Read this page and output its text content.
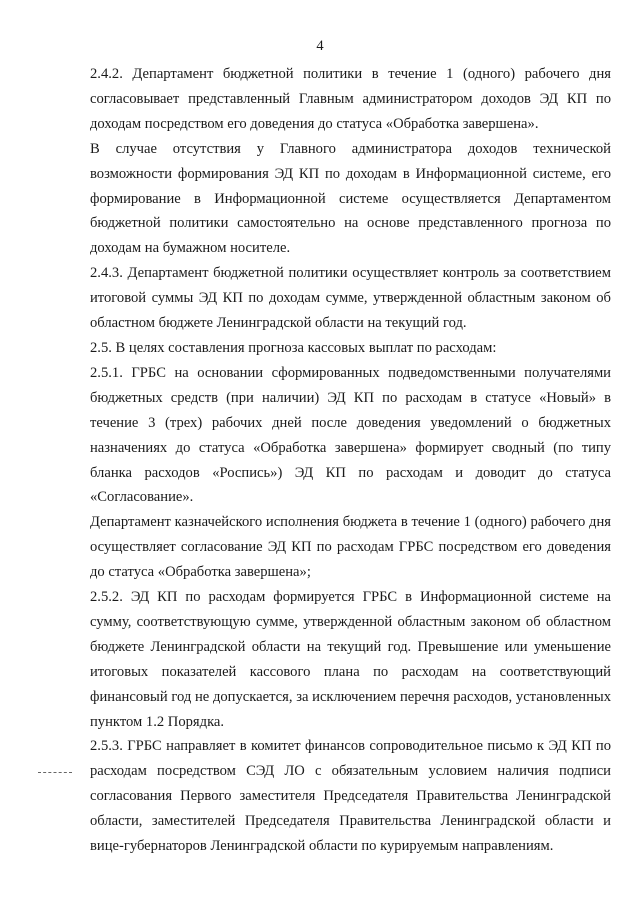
4

2.4.2. Департамент бюджетной политики в течение 1 (одного) рабочего дня согласовывает представленный Главным администратором доходов ЭД КП по доходам посредством его доведения до статуса «Обработка завершена».

В случае отсутствия у Главного администратора доходов технической возможности формирования ЭД КП по доходам в Информационной системе, его формирование в Информационной системе осуществляется Департаментом бюджетной политики самостоятельно на основе представленного прогноза по доходам на бумажном носителе.

2.4.3. Департамент бюджетной политики осуществляет контроль за соответствием итоговой суммы ЭД КП по доходам сумме, утвержденной областным законом об областном бюджете Ленинградской области на текущий год.

2.5. В целях составления прогноза кассовых выплат по расходам:

2.5.1. ГРБС на основании сформированных подведомственными получателями бюджетных средств (при наличии) ЭД КП по расходам в статусе «Новый» в течение 3 (трех) рабочих дней после доведения уведомлений о бюджетных назначениях до статуса «Обработка завершена» формирует сводный (по типу бланка расходов «Роспись») ЭД КП по расходам и доводит до статуса «Согласование».

Департамент казначейского исполнения бюджета в течение 1 (одного) рабочего дня осуществляет согласование ЭД КП по расходам ГРБС посредством его доведения до статуса «Обработка завершена»;

2.5.2. ЭД КП по расходам формируется ГРБС в Информационной системе на сумму, соответствующую сумме, утвержденной областным законом об областном бюджете Ленинградской области на текущий год. Превышение или уменьшение итоговых показателей кассового плана по расходам на соответствующий финансовый год не допускается, за исключением перечня расходов, установленных пунктом 1.2 Порядка.

2.5.3. ГРБС направляет в комитет финансов сопроводительное письмо к ЭД КП по расходам посредством СЭД ЛО с обязательным условием наличия подписи согласования Первого заместителя Председателя Правительства Ленинградской области, заместителей Председателя Правительства Ленинградской области и вице-губернаторов Ленинградской области по курируемым направлениям.
